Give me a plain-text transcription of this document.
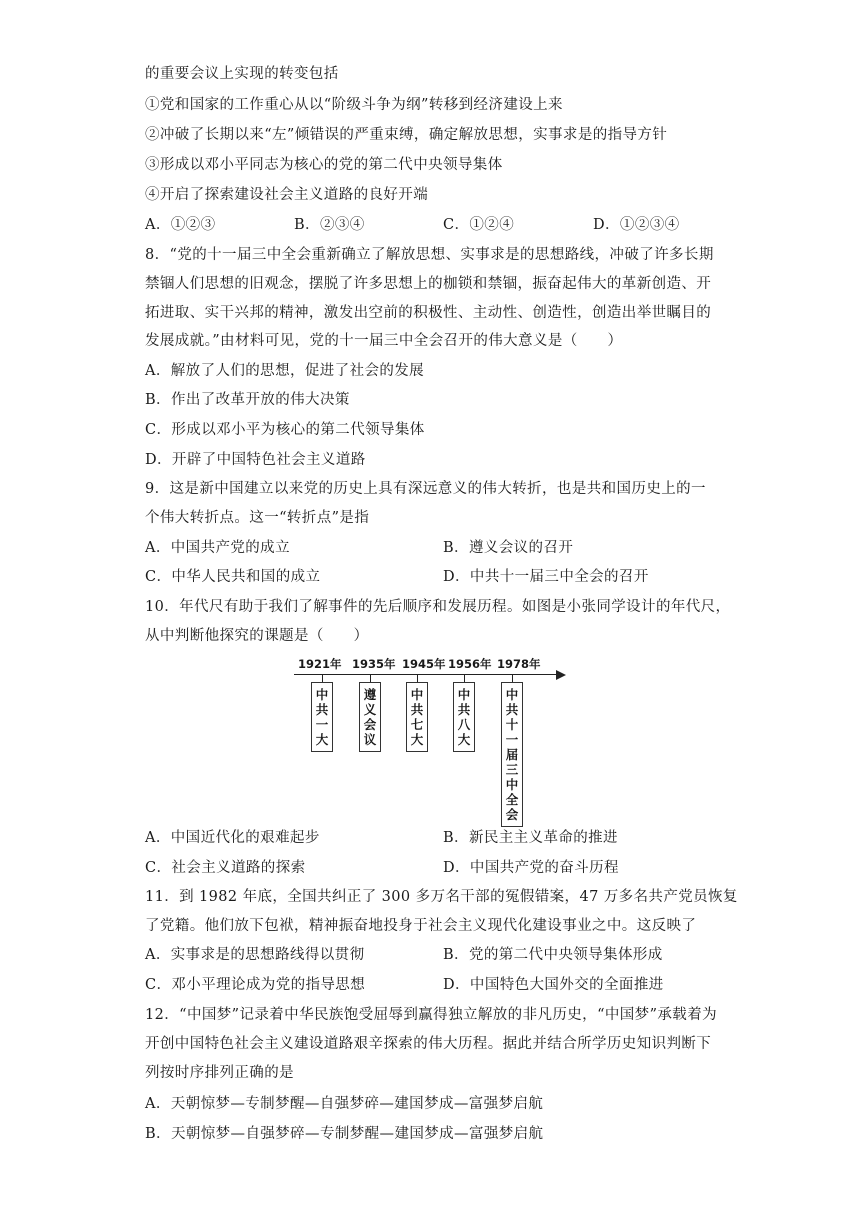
的重要会议上实现的转变包括
①党和国家的工作重心从以“阶级斗争为纲”转移到经济建设上来
②冲破了长期以来“左”倾错误的严重束缚，确定解放思想，实事求是的指导方针
③形成以邓小平同志为核心的党的第二代中央领导集体
④开启了探索建设社会主义道路的良好开端
A．①②③	B．②③④	C．①②④	D．①②③④
8．“党的十一届三中全会重新确立了解放思想、实事求是的思想路线，冲破了许多长期
禁锢人们思想的旧观念，摆脱了许多思想上的枷锁和禁锢，振奋起伟大的革新创造、开
拓进取、实干兴邦的精神，激发出空前的积极性、主动性、创造性，创造出举世瞩目的
发展成就。”由材料可见，党的十一届三中全会召开的伟大意义是（　　）
A．解放了人们的思想，促进了社会的发展
B．作出了改革开放的伟大决策
C．形成以邓小平为核心的第二代领导集体
D．开辟了中国特色社会主义道路
9．这是新中国建立以来党的历史上具有深远意义的伟大转折，也是共和国历史上的一
个伟大转折点。这一“转折点”是指
A．中国共产党的成立	B．遵义会议的召开
C．中华人民共和国的成立	D．中共十一届三中全会的召开
10．年代尺有助于我们了解事件的先后顺序和发展历程。如图是小张同学设计的年代尺，
从中判断他探究的课题是（　　）
1921年 1935年 1945年 1956年 1978年
中共一大
遵义会议
中共七大
中共八大
中共十一届三中全会
A．中国近代化的艰难起步	B．新民主主义革命的推进
C．社会主义道路的探索	D．中国共产党的奋斗历程
11．到 1982 年底，全国共纠正了 300 多万名干部的冤假错案，47 万多名共产党员恢复
了党籍。他们放下包袱，精神振奋地投身于社会主义现代化建设事业之中。这反映了
A．实事求是的思想路线得以贯彻	B．党的第二代中央领导集体形成
C．邓小平理论成为党的指导思想	D．中国特色大国外交的全面推进
12．“中国梦”记录着中华民族饱受屈辱到赢得独立解放的非凡历史，“中国梦”承载着为
开创中国特色社会主义建设道路艰辛探索的伟大历程。据此并结合所学历史知识判断下
列按时序排列正确的是
A．天朝惊梦—专制梦醒—自强梦碎—建国梦成—富强梦启航
B．天朝惊梦—自强梦碎—专制梦醒—建国梦成—富强梦启航
